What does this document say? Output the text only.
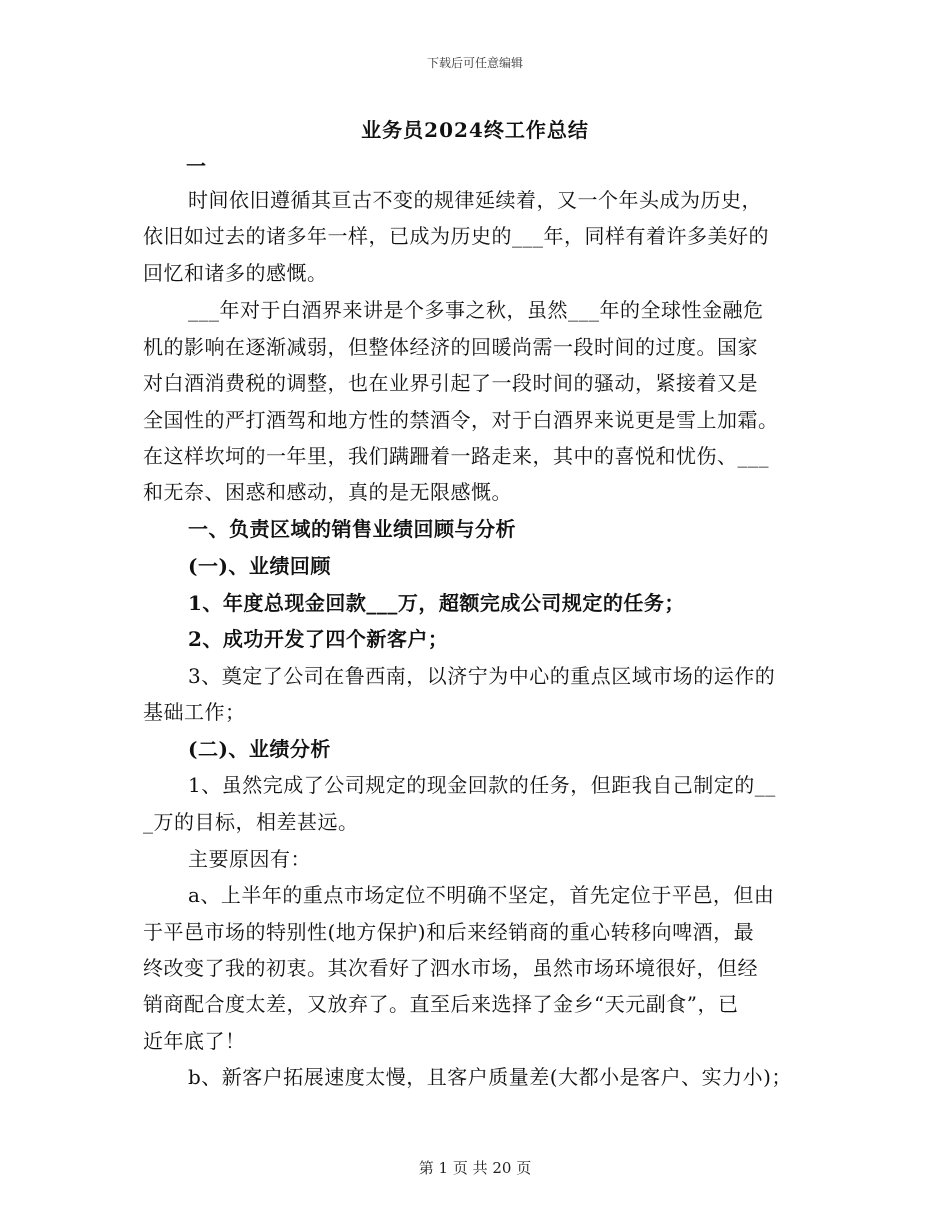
下载后可任意编辑
业务员2024终工作总结
一
时间依旧遵循其亘古不变的规律延续着，又一个年头成为历史，
依旧如过去的诸多年一样，已成为历史的___年，同样有着许多美好的
回忆和诸多的感慨。
___年对于白酒界来讲是个多事之秋，虽然___年的全球性金融危
机的影响在逐渐减弱，但整体经济的回暖尚需一段时间的过度。国家
对白酒消费税的调整，也在业界引起了一段时间的骚动，紧接着又是
全国性的严打酒驾和地方性的禁酒令，对于白酒界来说更是雪上加霜。
在这样坎坷的一年里，我们蹒跚着一路走来，其中的喜悦和忧伤、___
和无奈、困惑和感动，真的是无限感慨。
一、负责区域的销售业绩回顾与分析
(一)、业绩回顾
1、年度总现金回款___万，超额完成公司规定的任务；
2、成功开发了四个新客户；
3、奠定了公司在鲁西南，以济宁为中心的重点区域市场的运作的
基础工作；
(二)、业绩分析
1、虽然完成了公司规定的现金回款的任务，但距我自己制定的__
_万的目标，相差甚远。
主要原因有：
a、上半年的重点市场定位不明确不坚定，首先定位于平邑，但由
于平邑市场的特别性(地方保护)和后来经销商的重心转移向啤酒，最
终改变了我的初衷。其次看好了泗水市场，虽然市场环境很好，但经
销商配合度太差，又放弃了。直至后来选择了金乡“天元副食”，已
近年底了！
b、新客户拓展速度太慢，且客户质量差(大都小是客户、实力小)；
第 1 页 共 20 页
